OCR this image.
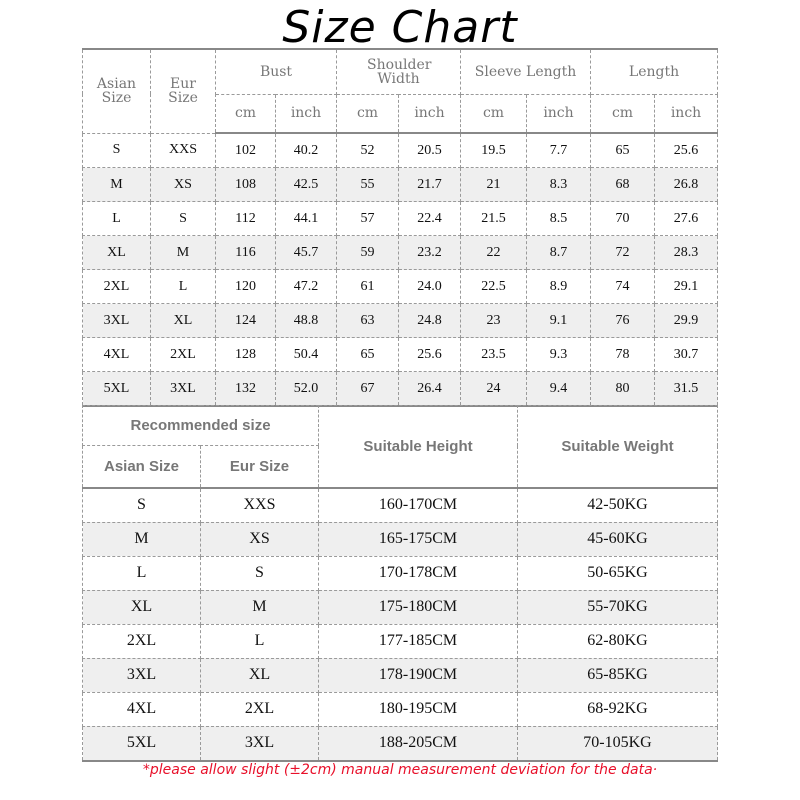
Size Chart
Asian Size	Eur Size	Bust		Shoulder Width		Sleeve Length		Length	
		cm	inch	cm	inch	cm	inch	cm	inch
S	XXS	102	40.2	52	20.5	19.5	7.7	65	25.6
M	XS	108	42.5	55	21.7	21	8.3	68	26.8
L	S	112	44.1	57	22.4	21.5	8.5	70	27.6
XL	M	116	45.7	59	23.2	22	8.7	72	28.3
2XL	L	120	47.2	61	24.0	22.5	8.9	74	29.1
3XL	XL	124	48.8	63	24.8	23	9.1	76	29.9
4XL	2XL	128	50.4	65	25.6	23.5	9.3	78	30.7
5XL	3XL	132	52.0	67	26.4	24	9.4	80	31.5
Recommended size		Suitable Height	Suitable Weight
Asian Size	Eur Size		
S	XXS	160-170CM	42-50KG
M	XS	165-175CM	45-60KG
L	S	170-178CM	50-65KG
XL	M	175-180CM	55-70KG
2XL	L	177-185CM	62-80KG
3XL	XL	178-190CM	65-85KG
4XL	2XL	180-195CM	68-92KG
5XL	3XL	188-205CM	70-105KG
*please allow slight (±2cm) manual measurement deviation for the data·
